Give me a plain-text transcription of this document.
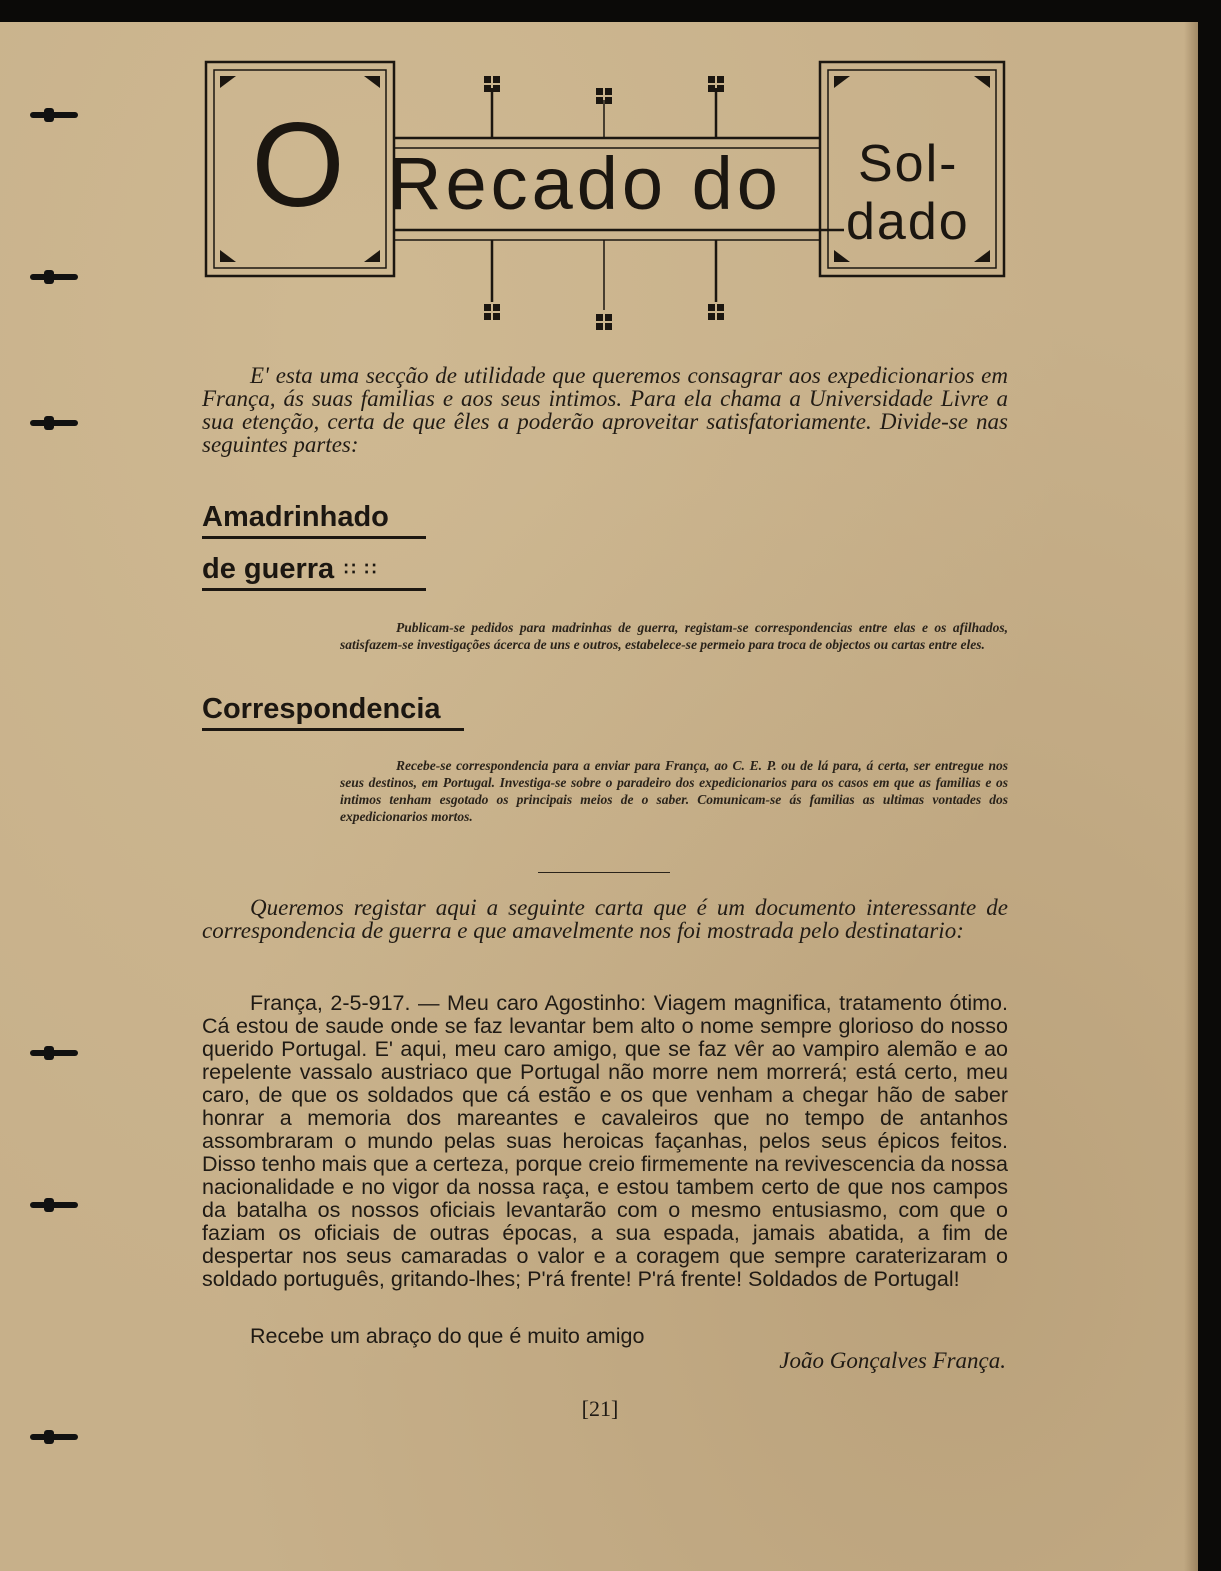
O Recado do	Sol-
dado

E' esta uma secção de utilidade que queremos consagrar aos expedicionarios em França, ás suas familias e aos seus intimos. Para ela chama a Universidade Livre a sua etenção, certa de que êles a poderão aproveitar satisfatoriamente. Divide-se nas seguintes partes:

Amadrinhado
de guerra ∷ ∷

Publicam-se pedidos para madrinhas de guerra, registam-se correspondencias entre elas e os afilhados, satisfazem-se investigações ácerca de uns e outros, estabelece-se permeio para troca de objectos ou cartas entre eles.

Correspondencia

Recebe-se correspondencia para a enviar para França, ao C. E. P. ou de lá para, á certa, ser entregue nos seus destinos, em Portugal. Investiga-se sobre o paradeiro dos expedicionarios para os casos em que as familias e os intimos tenham esgotado os principais meios de o saber. Comunicam-se ás familias as ultimas vontades dos expedicionarios mortos.

Queremos registar aqui a seguinte carta que é um documento interessante de correspondencia de guerra e que amavelmente nos foi mostrada pelo destinatario:

França, 2-5-917. — Meu caro Agostinho: Viagem magnifica, tratamento ótimo. Cá estou de saude onde se faz levantar bem alto o nome sempre glorioso do nosso querido Portugal. E' aqui, meu caro amigo, que se faz vêr ao vampiro alemão e ao repelente vassalo austriaco que Portugal não morre nem morrerá; está certo, meu caro, de que os soldados que cá estão e os que venham a chegar hão de saber honrar a memoria dos mareantes e cavaleiros que no tempo de antanhos assombraram o mundo pelas suas heroicas façanhas, pelos seus épicos feitos. Disso tenho mais que a certeza, porque creio firmemente na revivescencia da nossa nacionalidade e no vigor da nossa raça, e estou tambem certo de que nos campos da batalha os nossos oficiais levantarão com o mesmo entusiasmo, com que o faziam os oficiais de outras épocas, a sua espada, jamais abatida, a fim de despertar nos seus camaradas o valor e a coragem que sempre caraterizaram o soldado português, gritando-lhes; P'rá frente! P'rá frente! Soldados de Portugal!

Recebe um abraço do que é muito amigo

João Gonçalves França.

[21]
